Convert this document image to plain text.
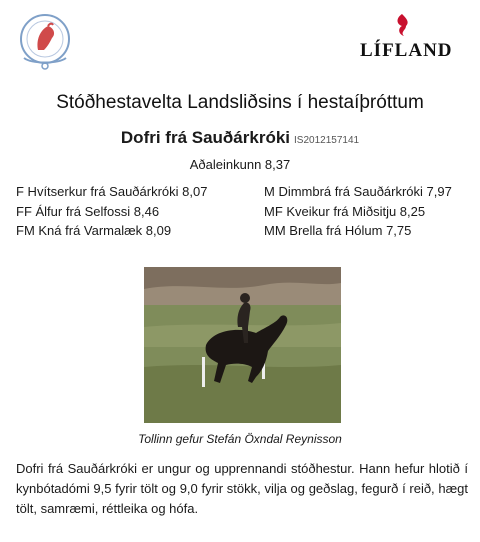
LÍFLAND
Stóðhestavelta Landsliðsins í hestaíþróttum
Dofri frá Sauðárkróki IS2012157141
Aðaleinkunn 8,37
F Hvítserkur frá Sauðárkróki 8,07	M Dimmbrá frá Sauðárkróki 7,97
FF Álfur frá Selfossi 8,46	MF Kveikur frá Miðsitju 8,25
FM Kná frá Varmalæk 8,09	MM Brella frá Hólum 7,75
Tollinn gefur Stefán Öxndal Reynisson
Dofri frá Sauðárkróki er ungur og upprennandi stóðhestur. Hann hefur hlotið í kynbótadómi 9,5 fyrir tölt og 9,0 fyrir stökk, vilja og geðslag, fegurð í reið, hægt tölt, samræmi, réttleika og hófa.
